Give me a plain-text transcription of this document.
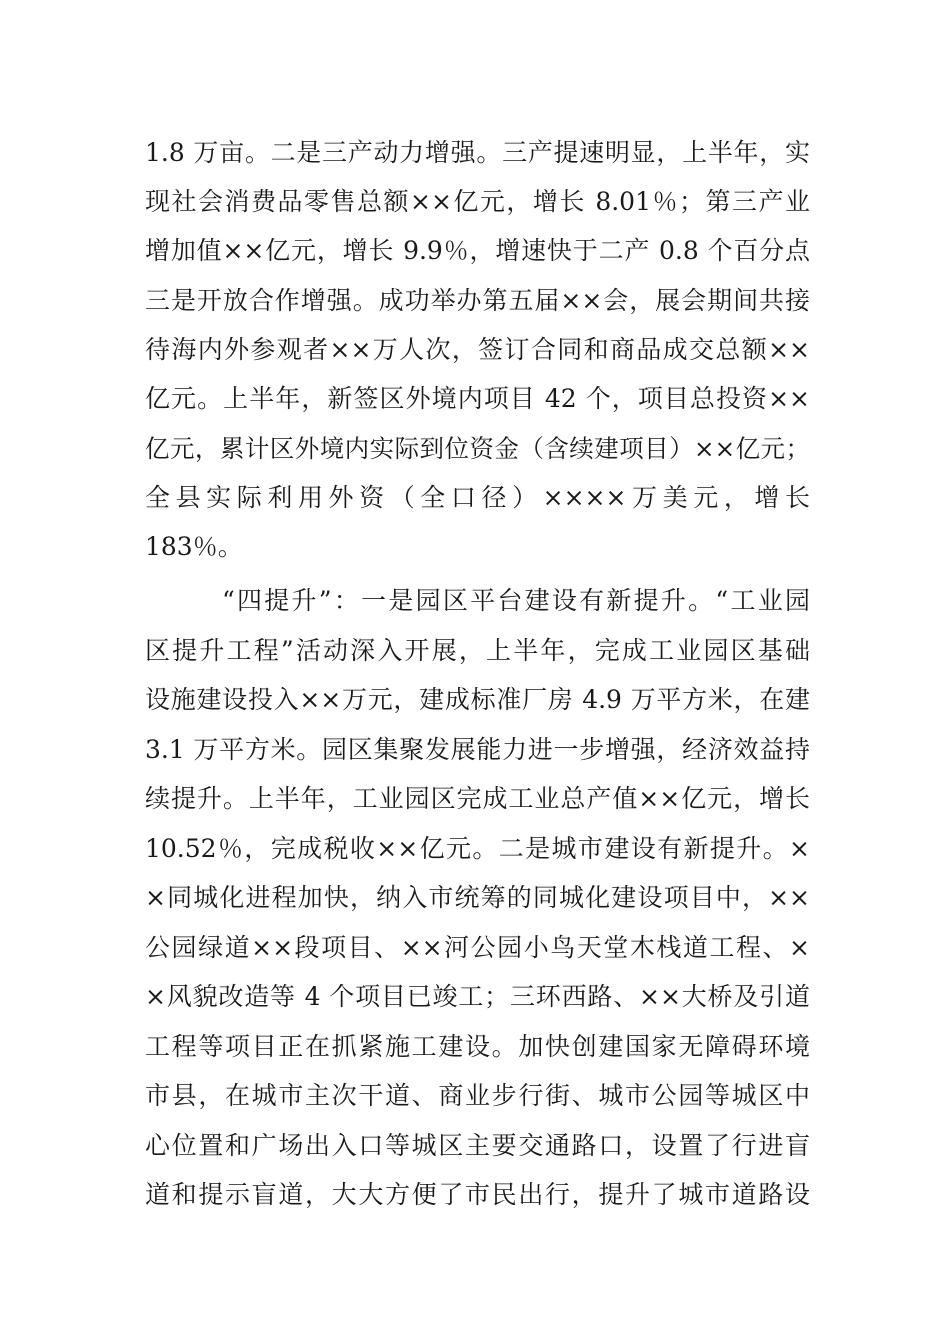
1.8 万亩。二是三产动力增强。三产提速明显，上半年，实
现社会消费品零售总额××亿元，增长 8.01％；第三产业
增加值××亿元，增长 9.9％，增速快于二产 0.8 个百分点
三是开放合作增强。成功举办第五届××会，展会期间共接
待海内外参观者××万人次，签订合同和商品成交总额××
亿元。上半年，新签区外境内项目 42 个，项目总投资××
亿元，累计区外境内实际到位资金（含续建项目）××亿元；
全县实际利用外资（全口径）××××万美元，增长
183％。
“四提升”：一是园区平台建设有新提升。“工业园
区提升工程”活动深入开展，上半年，完成工业园区基础
设施建设投入××万元，建成标准厂房 4.9 万平方米，在建
3.1 万平方米。园区集聚发展能力进一步增强，经济效益持
续提升。上半年，工业园区完成工业总产值××亿元，增长
10.52％，完成税收××亿元。二是城市建设有新提升。×
×同城化进程加快，纳入市统筹的同城化建设项目中，××
公园绿道××段项目、××河公园小鸟天堂木栈道工程、×
×风貌改造等 4 个项目已竣工；三环西路、××大桥及引道
工程等项目正在抓紧施工建设。加快创建国家无障碍环境
市县，在城市主次干道、商业步行街、城市公园等城区中
心位置和广场出入口等城区主要交通路口，设置了行进盲
道和提示盲道，大大方便了市民出行，提升了城市道路设
